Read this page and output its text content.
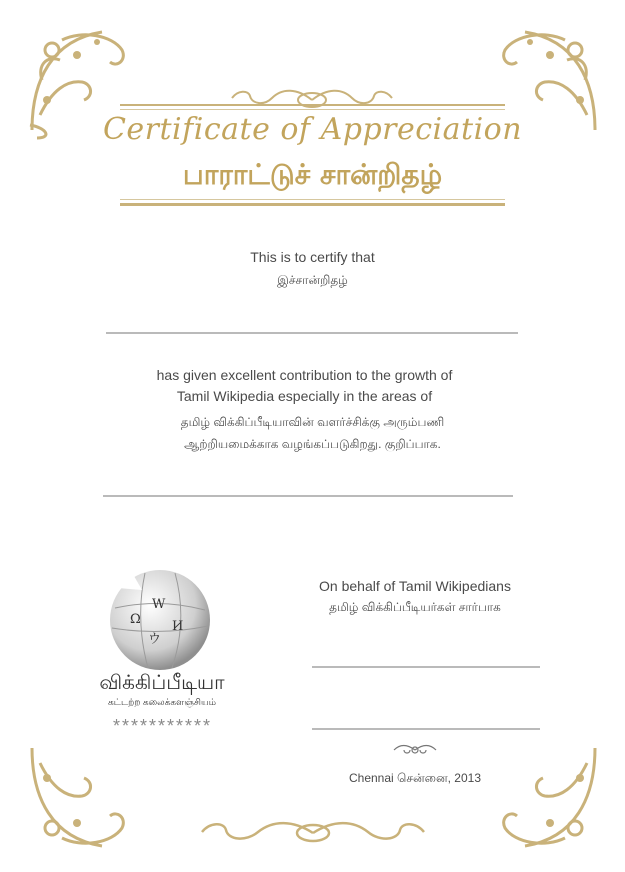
Certificate of Appreciation
பாராட்டுச் சான்றிதழ்
This is to certify that
இச்சான்றிதழ்
has given excellent contribution to the growth of
Tamil Wikipedia especially in the areas of
தமிழ் விக்கிப்பீடியாவின் வளர்ச்சிக்கு அரும்பணி
ஆற்றியமைக்காக வழங்கப்படுகிறது. குறிப்பாக.
W
Ω И
ウ
விக்கிப்பீடியா
கட்டற்ற கலைக்களஞ்சியம்
***********
On behalf of Tamil Wikipedians
தமிழ் விக்கிப்பீடியர்கள் சார்பாக
Chennai சென்னை, 2013
